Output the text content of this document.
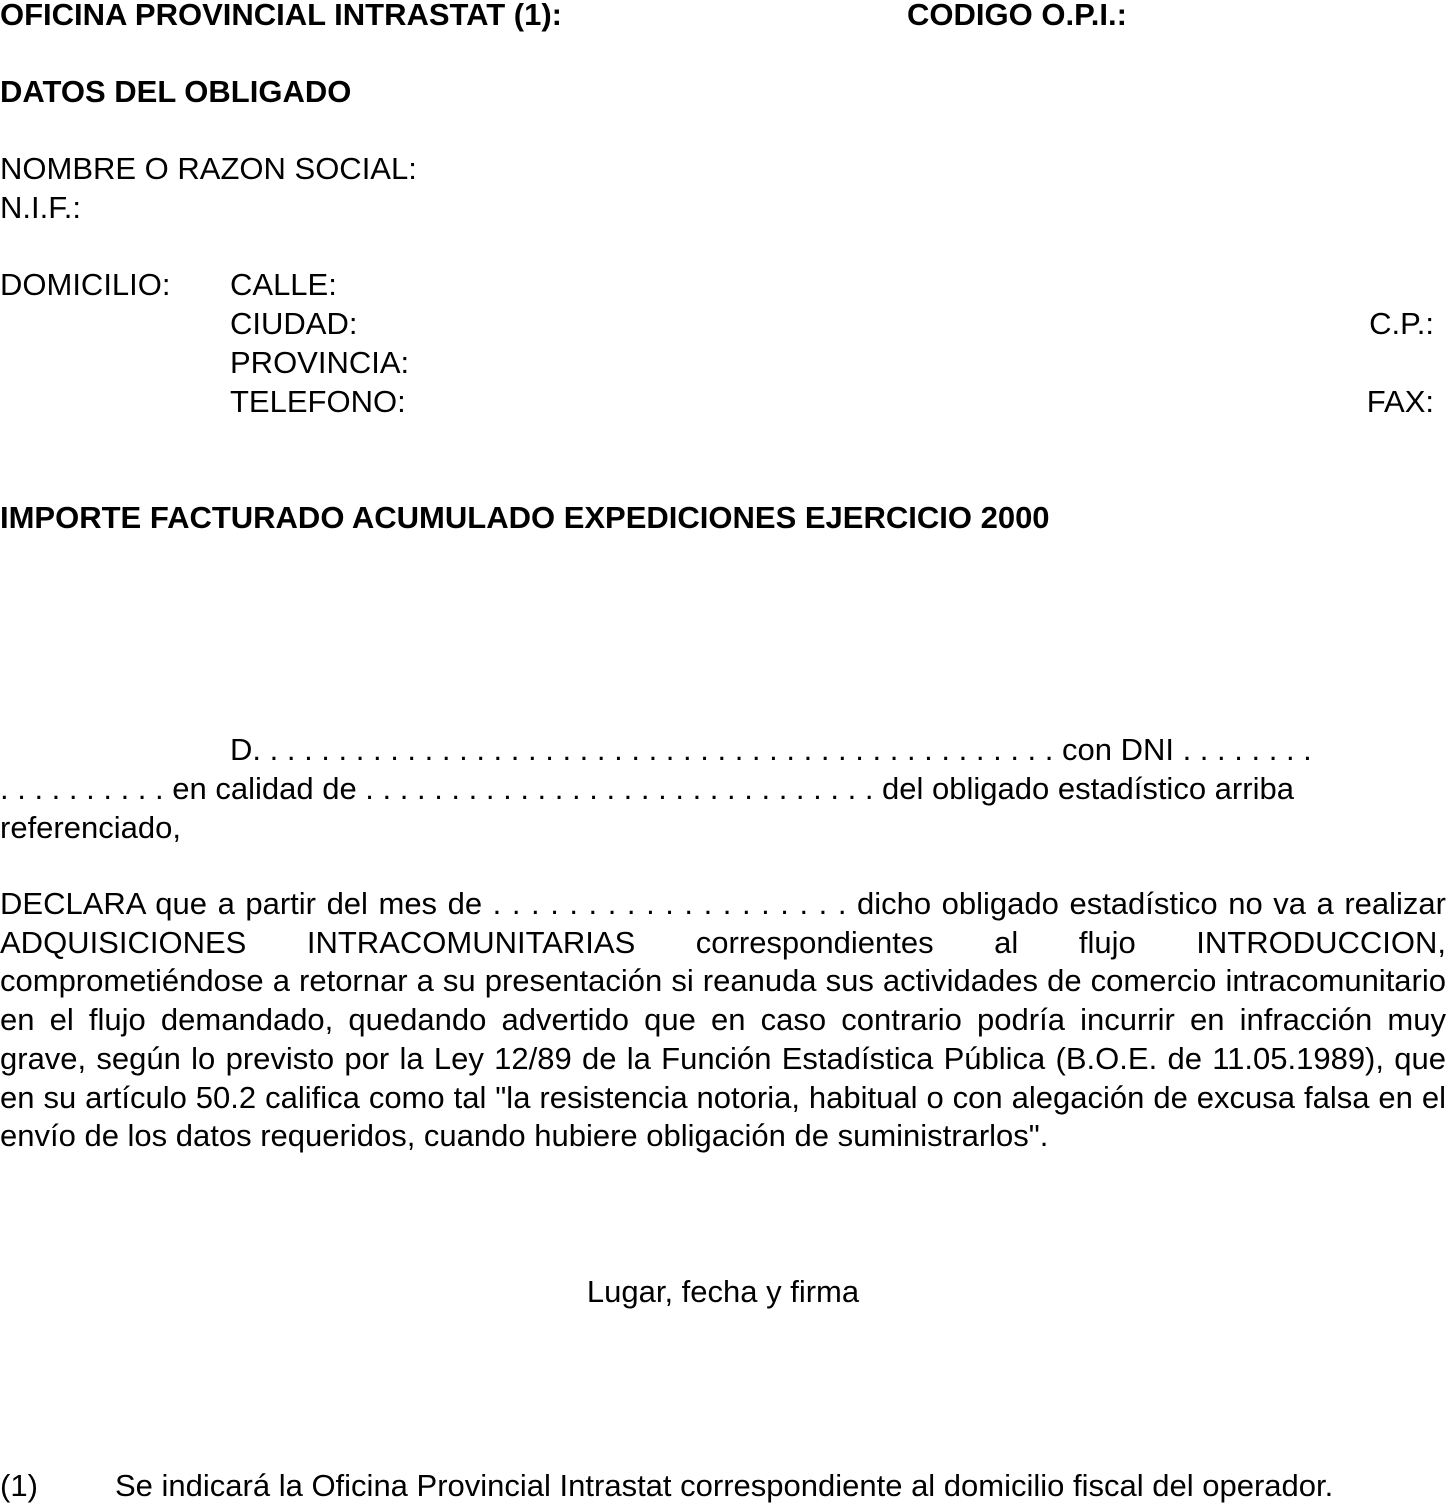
OFICINA PROVINCIAL INTRASTAT (1):	CODIGO O.P.I.:
DATOS DEL OBLIGADO
NOMBRE O RAZON SOCIAL:
N.I.F.:
DOMICILIO: CALLE:
CIUDAD:	C.P.:
PROVINCIA:
TELEFONO:	FAX:
IMPORTE FACTURADO ACUMULADO EXPEDICIONES EJERCICIO 2000
D. . . . . . . . . . . . . . . . . . . . . . . . . . . . . . . . . . . . . . . . . . . . . . . con DNI . . . . . . . .
. . . . . . . . . . en calidad de . . . . . . . . . . . . . . . . . . . . . . . . . . . . . . del obligado estadístico arriba
referenciado,
DECLARA que a partir del mes de . . . . . . . . . . . . . . . . . . . dicho obligado estadístico no va a realizar ADQUISICIONES INTRACOMUNITARIAS correspondientes al flujo INTRODUCCION, comprometiéndose a retornar a su presentación si reanuda sus actividades de comercio intracomunitario en el flujo demandado, quedando advertido que en caso contrario podría incurrir en infracción muy grave, según lo previsto por la Ley 12/89 de la Función Estadística Pública (B.O.E. de 11.05.1989), que en su artículo 50.2 califica como tal "la resistencia notoria, habitual o con alegación de excusa falsa en el envío de los datos requeridos, cuando hubiere obligación de suministrarlos".
Lugar, fecha y firma
(1) Se indicará la Oficina Provincial Intrastat correspondiente al domicilio fiscal del operador.
